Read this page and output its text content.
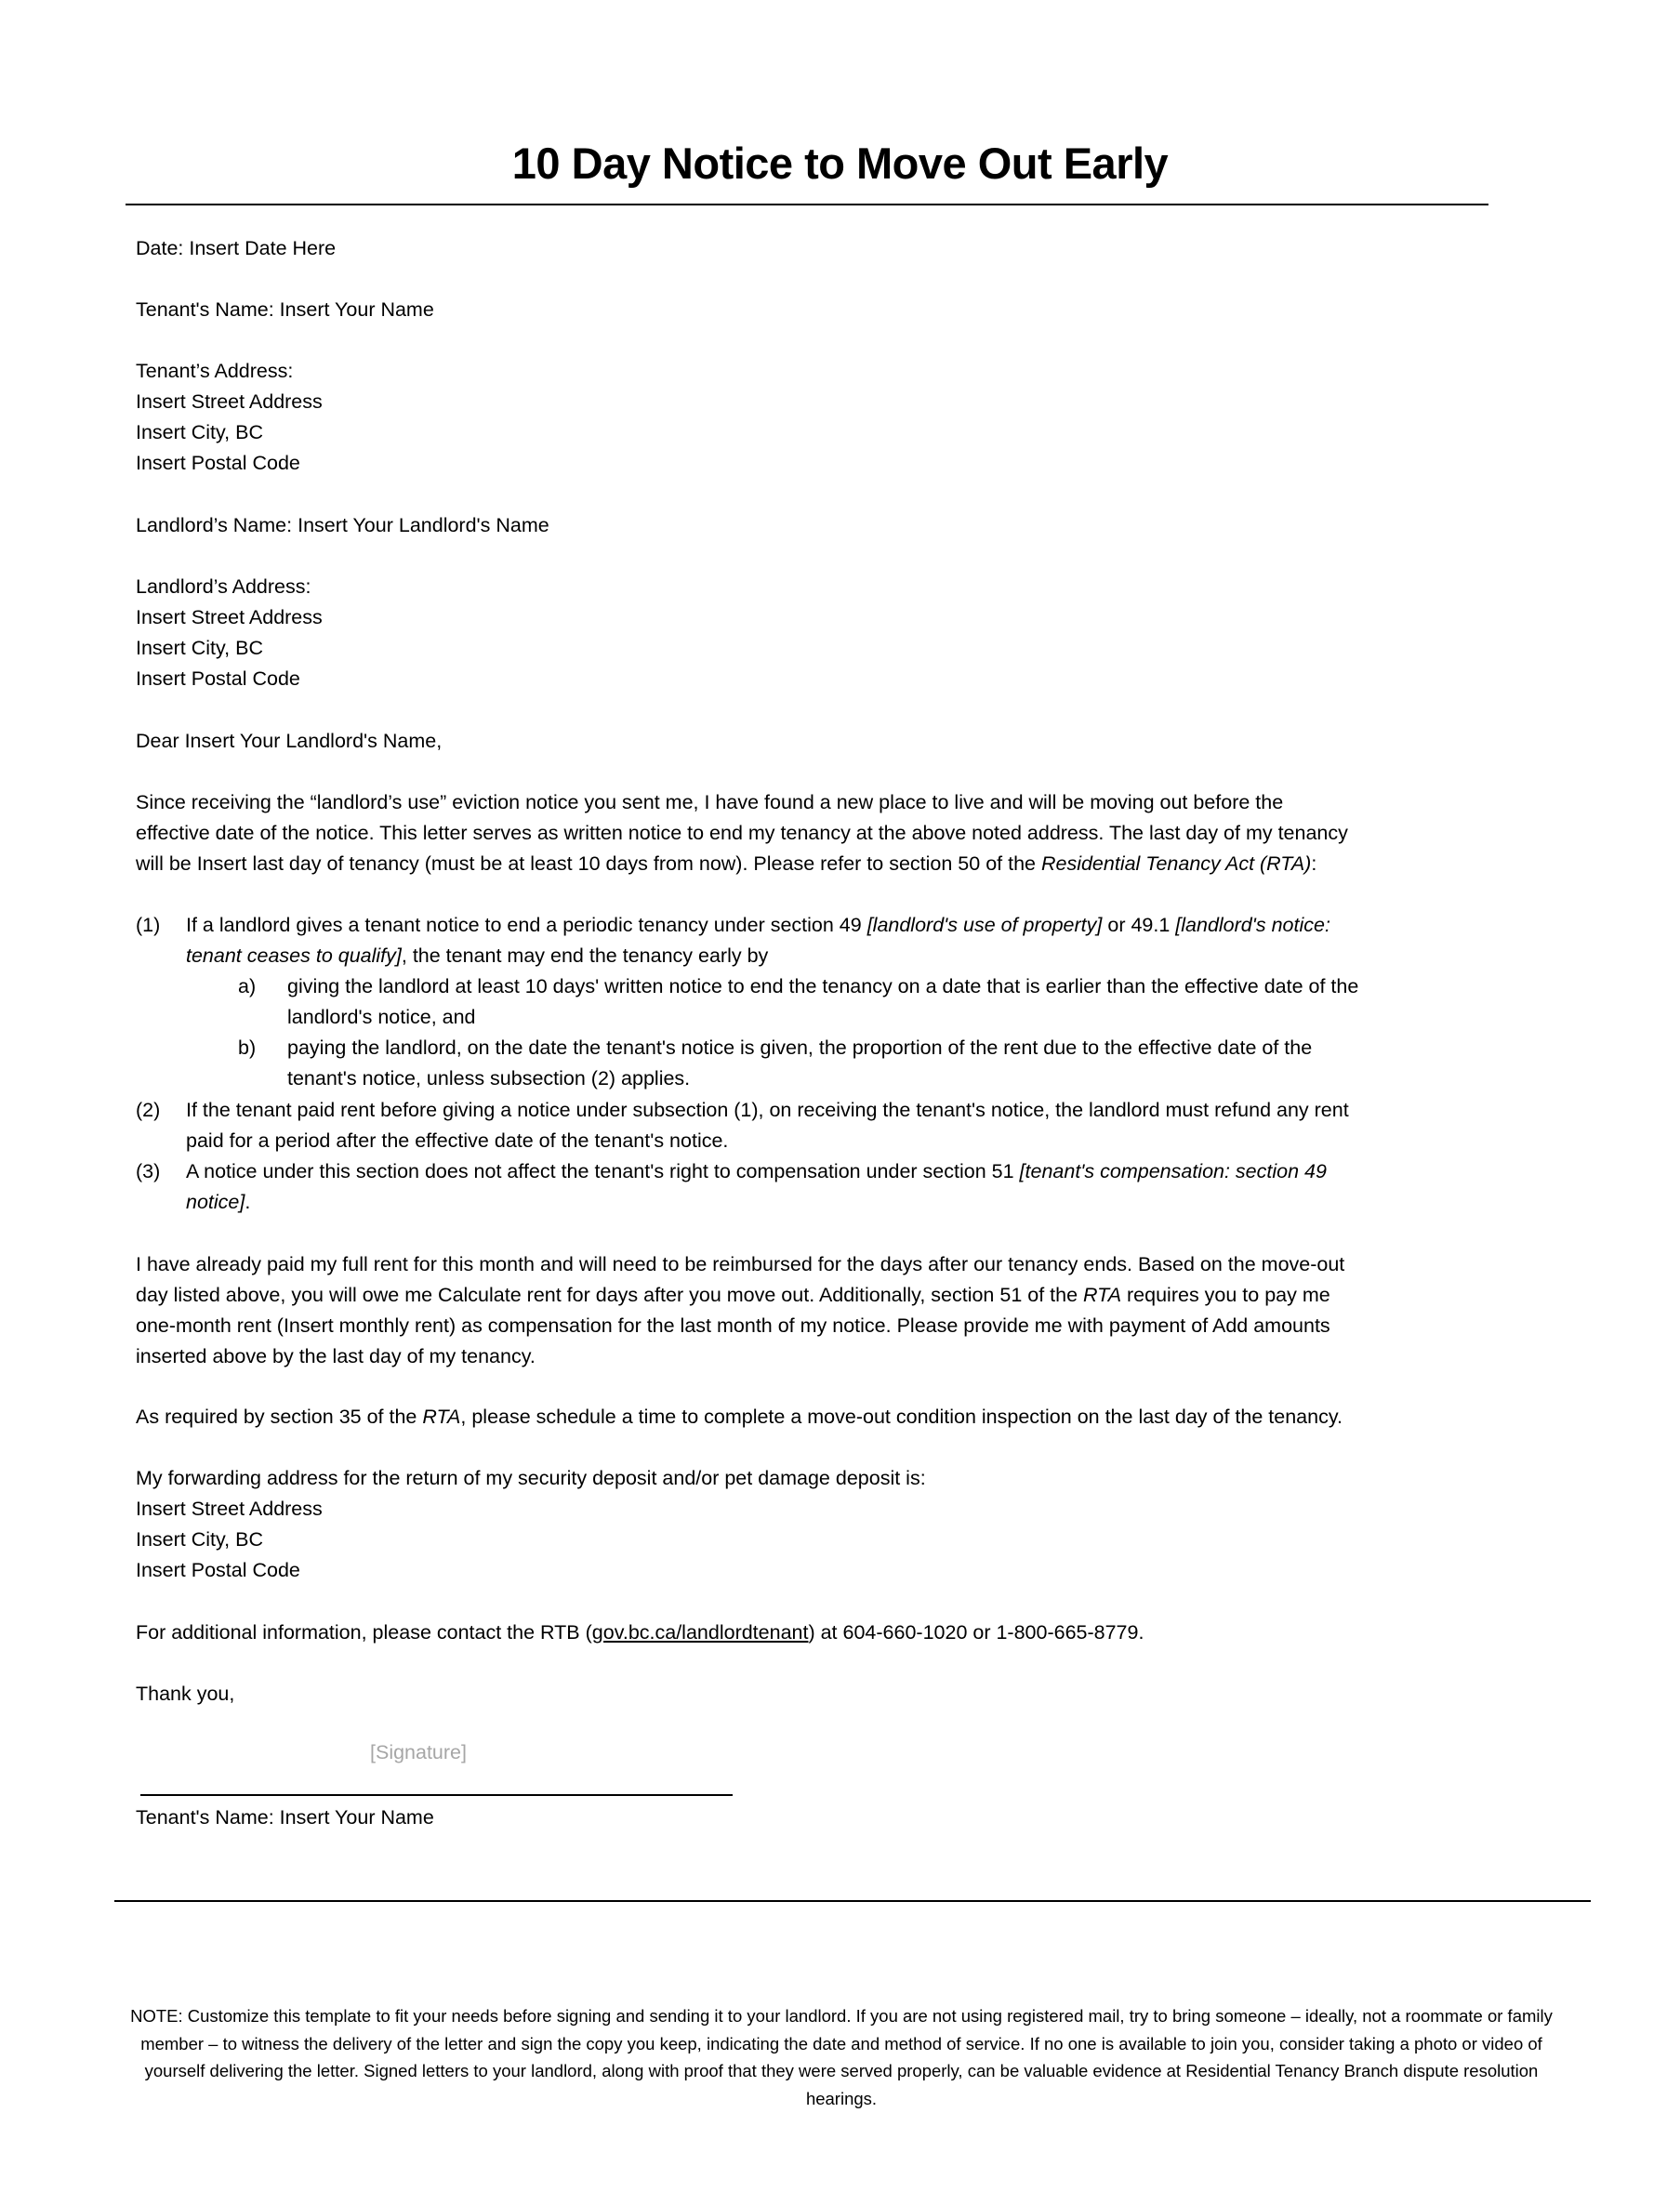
10 Day Notice to Move Out Early
Date: Insert Date Here
Tenant's Name: Insert Your Name
Tenant’s Address:
Insert Street Address
Insert City, BC
Insert Postal Code
Landlord’s Name: Insert Your Landlord's Name
Landlord’s Address:
Insert Street Address
Insert City, BC
Insert Postal Code
Dear Insert Your Landlord's Name,
Since receiving the “landlord’s use” eviction notice you sent me, I have found a new place to live and will be moving out before the
effective date of the notice. This letter serves as written notice to end my tenancy at the above noted address. The last day of my tenancy
will be Insert last day of tenancy (must be at least 10 days from now). Please refer to section 50 of the Residential Tenancy Act (RTA):
(1) If a landlord gives a tenant notice to end a periodic tenancy under section 49 [landlord's use of property] or 49.1 [landlord's notice:
tenant ceases to qualify], the tenant may end the tenancy early by
a) giving the landlord at least 10 days' written notice to end the tenancy on a date that is earlier than the effective date of the
landlord's notice, and
b) paying the landlord, on the date the tenant's notice is given, the proportion of the rent due to the effective date of the
tenant's notice, unless subsection (2) applies.
(2) If the tenant paid rent before giving a notice under subsection (1), on receiving the tenant's notice, the landlord must refund any rent
paid for a period after the effective date of the tenant's notice.
(3) A notice under this section does not affect the tenant's right to compensation under section 51 [tenant's compensation: section 49
notice].
I have already paid my full rent for this month and will need to be reimbursed for the days after our tenancy ends. Based on the move-out
day listed above, you will owe me Calculate rent for days after you move out. Additionally, section 51 of the RTA requires you to pay me
one-month rent (Insert monthly rent) as compensation for the last month of my notice. Please provide me with payment of Add amounts
inserted above by the last day of my tenancy.
As required by section 35 of the RTA, please schedule a time to complete a move-out condition inspection on the last day of the tenancy.
My forwarding address for the return of my security deposit and/or pet damage deposit is:
Insert Street Address
Insert City, BC
Insert Postal Code
For additional information, please contact the RTB (gov.bc.ca/landlordtenant) at 604-660-1020 or 1-800-665-8779.
Thank you,
[Signature]
Tenant's Name: Insert Your Name
NOTE: Customize this template to fit your needs before signing and sending it to your landlord. If you are not using registered mail, try to bring someone – ideally, not a roommate or family member – to witness the delivery of the letter and sign the copy you keep, indicating the date and method of service. If no one is available to join you, consider taking a photo or video of yourself delivering the letter. Signed letters to your landlord, along with proof that they were served properly, can be valuable evidence at Residential Tenancy Branch dispute resolution hearings.
